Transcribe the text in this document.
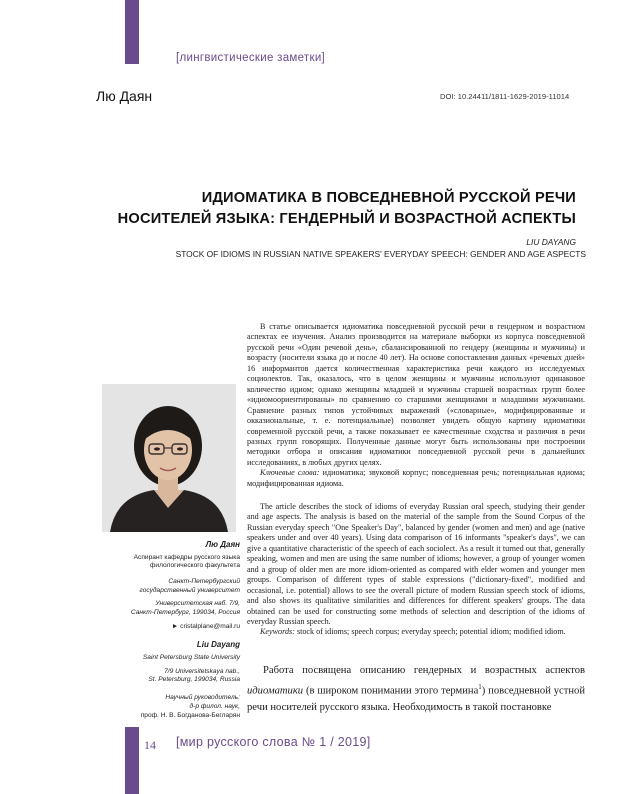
[лингвистические заметки]
Лю Даян	DOI: 10.24411/1811-1629-2019-11014
ИДИОМАТИКА В ПОВСЕДНЕВНОЙ РУССКОЙ РЕЧИ
НОСИТЕЛЕЙ ЯЗЫКА: ГЕНДЕРНЫЙ И ВОЗРАСТНОЙ АСПЕКТЫ
LIU DAYANG
STOCK OF IDIOMS IN RUSSIAN NATIVE SPEAKERS' EVERYDAY SPEECH: GENDER AND AGE ASPECTS
Лю Даян
Аспирант кафедры русского языка
филологического факультета
Санкт-Петербургский
государственный университет
Университетская наб. 7/9,
Санкт-Петербург, 199034, Россия
► cristalplane@mail.ru
Liu Dayang
Saint Petersburg State University
7/9 Universitetskaya nab.,
St. Petersburg, 199034, Russia
Научный руководитель:
д-р филол. наук,
проф. Н. В. Богданова-Бегларян

В статье описывается идиоматика повседневной русской речи в гендерном и возрастном аспектах ее изучения. Анализ производится на материале выборки из корпуса повседневной русской речи «Один речевой день», сбалансированной по гендеру (женщины и мужчины) и возрасту (носители языка до и после 40 лет). На основе сопоставления данных «речевых дней» 16 информантов дается количественная характеристика речи каждого из исследуемых социолектов. Так, оказалось, что в целом женщины и мужчины используют одинаковое количество идиом; однако женщины младшей и мужчины старшей возрастных групп более «идиомоориентированы» по сравнению со старшими женщинами и младшими мужчинами. Сравнение разных типов устойчивых выражений («словарные», модифицированные и окказиональные, т. е. потенциальные) позволяет увидеть общую картину идиоматики современной русской речи, а также показывает ее качественные сходства и различия в речи разных групп говорящих. Полученные данные могут быть использованы при построении методики отбора и описания идиоматики повседневной русской речи в дальнейших исследованиях, в любых других целях.

Ключевые слова: идиоматика; звуковой корпус; повседневная речь; потенциальная идиома; модифицированная идиома.

The article describes the stock of idioms of everyday Russian oral speech, studying their gender and age aspects. The analysis is based on the material of the sample from the Sound Corpus of the Russian everyday speech "One Speaker's Day", balanced by gender (women and men) and age (native speakers under and over 40 years). Using data comparison of 16 informants "speaker's days", we can give a quantitative characteristic of the speech of each sociolect. As a result it turned out that, generally speaking, women and men are using the same number of idioms; however, a group of younger women and a group of older men are more idiom-oriented as compared with elder women and younger men groups. Comparison of different types of stable expressions ("dictionary-fixed", modified and occasional, i.e. potential) allows to see the overall picture of modern Russian speech stock of idioms, and also shows its qualitative similarities and differences for different speakers' groups. The data obtained can be used for constructing some methods of selection and description of the idioms of everyday Russian speech.

Keywords: stock of idioms; speech corpus; everyday speech; potential idiom; modified idiom.

Работа посвящена описанию гендерных и возрастных аспектов идиоматики (в широком понимании этого термина$^1$) повседневной устной речи носителей русского языка. Необходимость в такой постановке

14 [мир русского слова № 1 / 2019]
